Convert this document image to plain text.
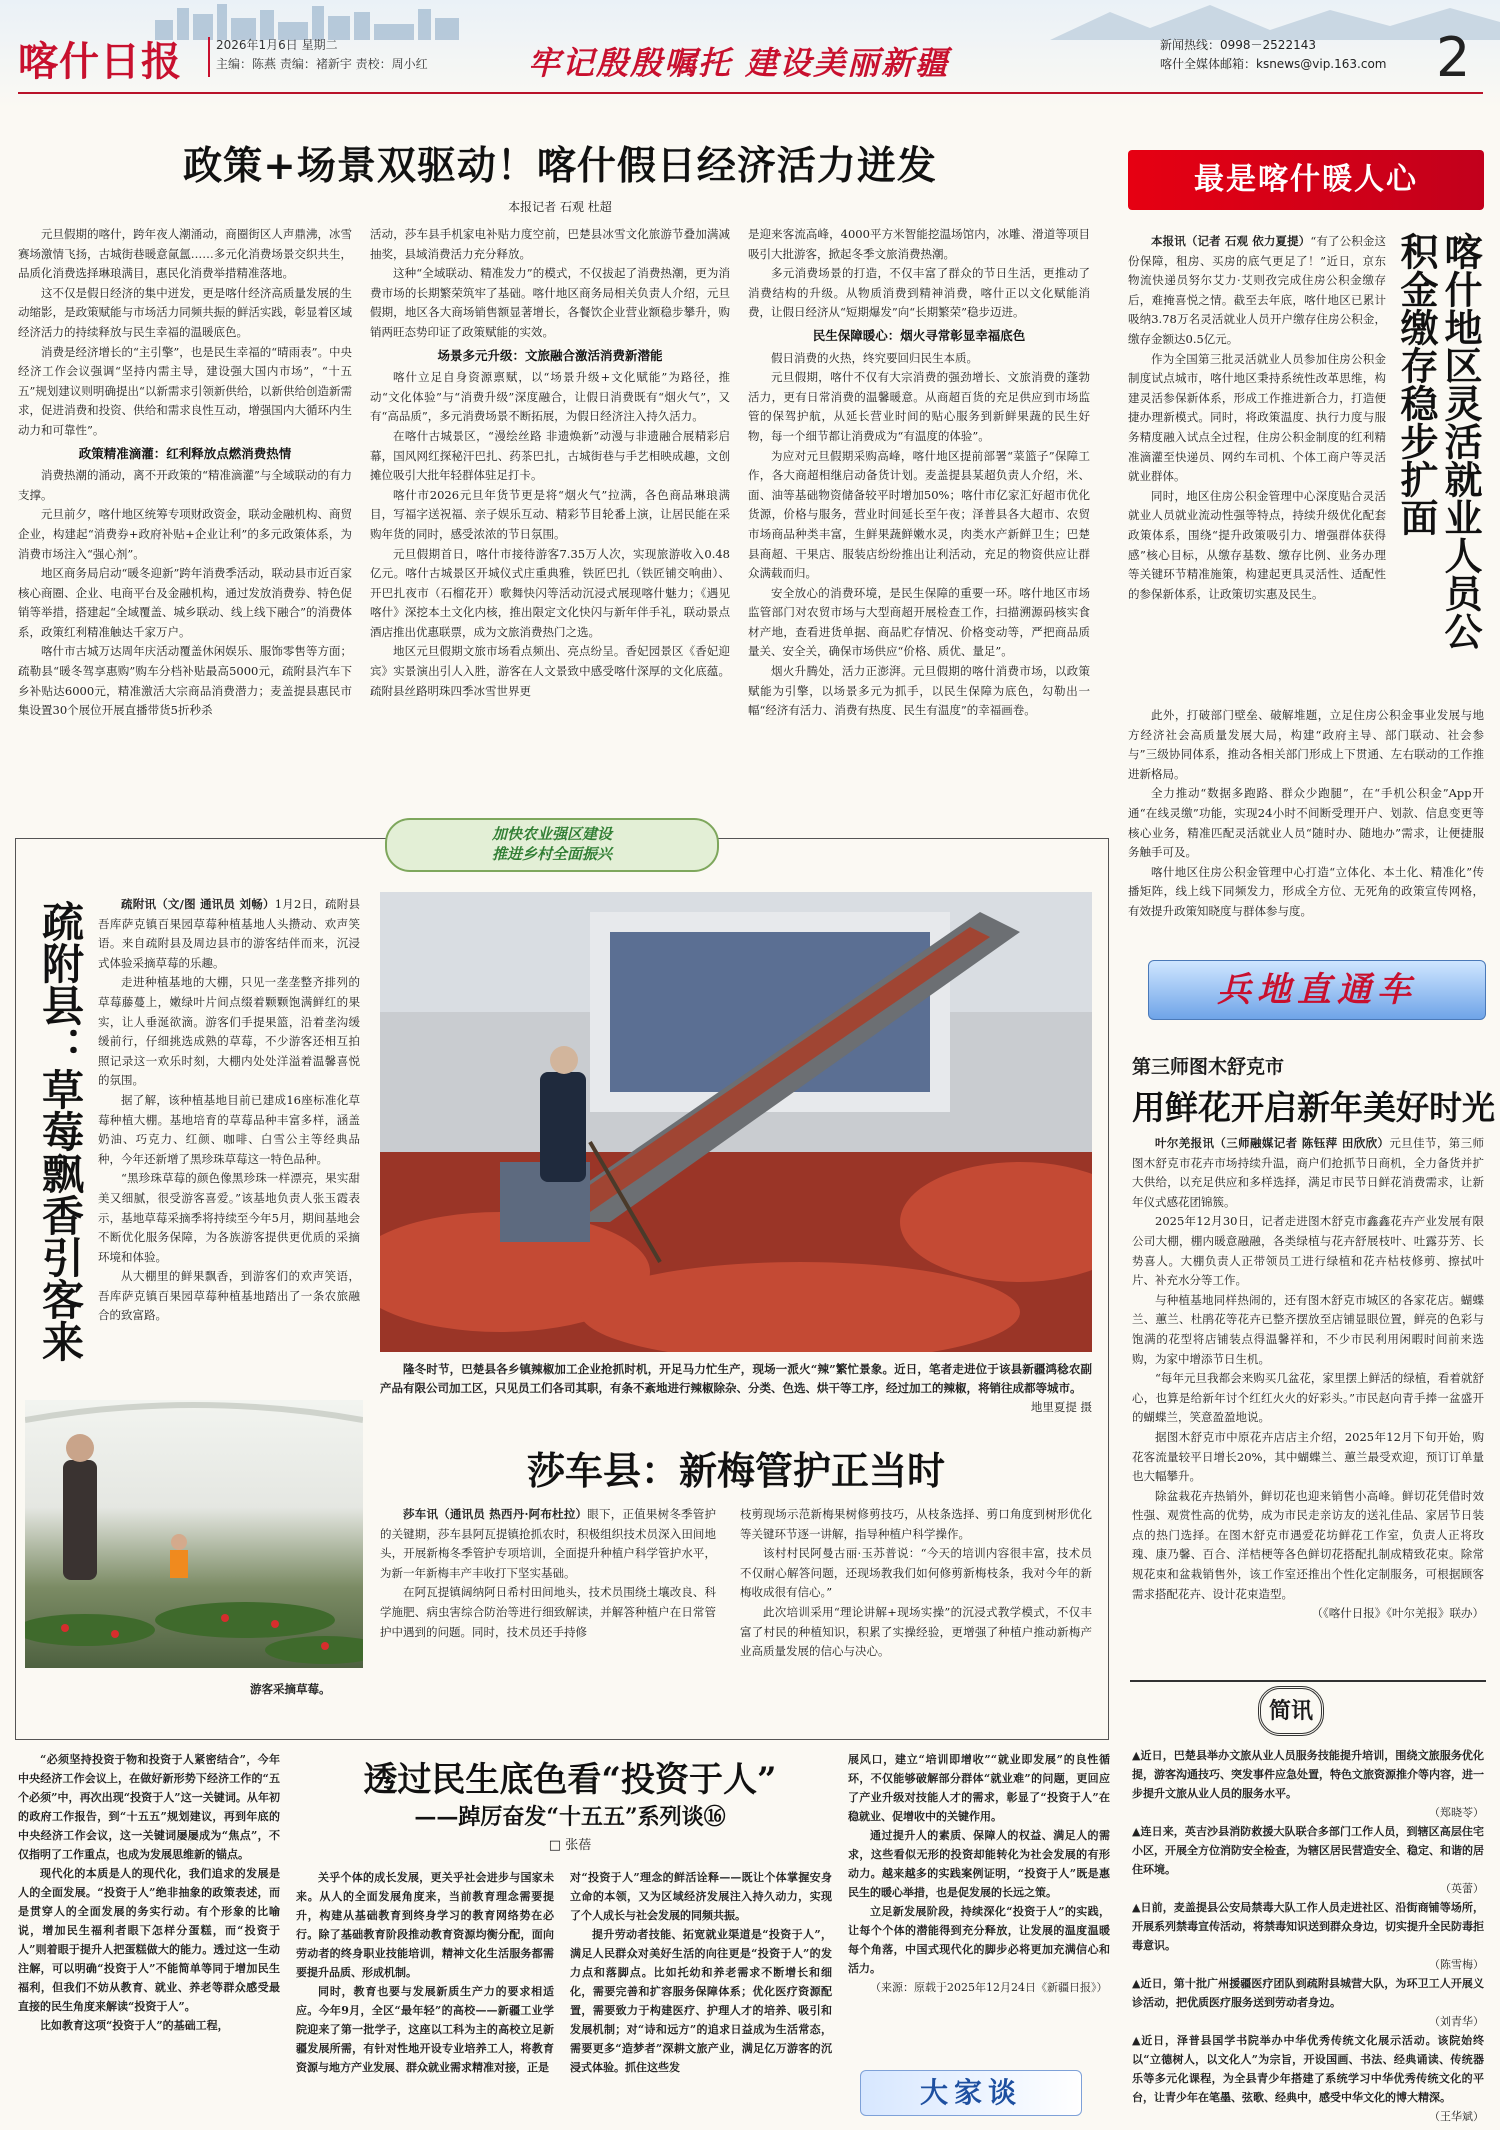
喀什日报	2026年1月6日 星期二
主编：陈燕 责编：褚新宇 责校：周小红	牢记殷殷嘱托 建设美丽新疆	新闻热线：0998－2522143
喀什全媒体邮箱：ksnews@vip.163.com 2
政策+场景双驱动！喀什假日经济活力迸发
本报记者 石观 杜超

元旦假期的喀什，跨年夜人潮涌动，商圈街区人声鼎沸，冰雪赛场激情飞扬，古城街巷暖意氤氲……多元化消费场景交织共生，品质化消费选择琳琅满目，惠民化消费举措精准落地。

这不仅是假日经济的集中迸发，更是喀什经济高质量发展的生动缩影，是政策赋能与市场活力同频共振的鲜活实践，彰显着区域经济活力的持续释放与民生幸福的温暖底色。

消费是经济增长的“主引擎”，也是民生幸福的“晴雨表”。中央经济工作会议强调“坚持内需主导，建设强大国内市场”，“十五五”规划建议则明确提出“以新需求引领新供给，以新供给创造新需求，促进消费和投资、供给和需求良性互动，增强国内大循环内生动力和可靠性”。

政策精准滴灌：红利释放点燃消费热情

消费热潮的涌动，离不开政策的“精准滴灌”与全域联动的有力支撑。

元旦前夕，喀什地区统筹专项财政资金，联动金融机构、商贸企业，构建起“消费券+政府补贴+企业让利”的多元政策体系，为消费市场注入“强心剂”。

地区商务局启动“暖冬迎新”跨年消费季活动，联动县市近百家核心商圈、企业、电商平台及金融机构，通过发放消费券、特色促销等举措，搭建起“全域覆盖、城乡联动、线上线下融合”的消费体系，政策红利精准触达千家万户。

喀什市古城万达周年庆活动覆盖休闲娱乐、服饰零售等方面；疏勒县“暖冬驾享惠购”购车分档补贴最高5000元，疏附县汽车下乡补贴达6000元，精准激活大宗商品消费潜力；麦盖提县惠民市集设置30个展位开展直播带货5折秒杀

活动，莎车县手机家电补贴力度空前，巴楚县冰雪文化旅游节叠加满减抽奖，县域消费活力充分释放。

这种“全域联动、精准发力”的模式，不仅拔起了消费热潮，更为消费市场的长期繁荣筑牢了基础。喀什地区商务局相关负责人介绍，元旦假期，地区各大商场销售额显著增长，各餐饮企业营业额稳步攀升，购销两旺态势印证了政策赋能的实效。

场景多元升级：文旅融合激活消费新潜能

喀什立足自身资源禀赋，以“场景升级+文化赋能”为路径，推动“文化体验”与“消费升级”深度融合，让假日消费既有“烟火气”，又有“高品质”，多元消费场景不断拓展，为假日经济注入持久活力。

在喀什古城景区，“漫绘丝路 非遗焕新”动漫与非遗融合展精彩启幕，国风网红探秘汗巴扎、药茶巴扎，古城街巷与手艺相映成趣，文创摊位吸引大批年轻群体驻足打卡。

喀什市2026元旦年货节更是将“烟火气”拉满，各色商品琳琅满目，写福字送祝福、亲子娱乐互动、精彩节目轮番上演，让居民能在采购年货的同时，感受浓浓的节日氛围。

元旦假期首日，喀什市接待游客7.35万人次，实现旅游收入0.48亿元。喀什古城景区开城仪式庄重典雅，铁匠巴扎（铁匠铺交响曲）、开巴扎夜市（石榴花开）歌舞快闪等活动沉浸式展现喀什魅力；《遇见喀什》深挖本土文化内核，推出限定文化快闪与新年伴手礼，联动景点酒店推出优惠联票，成为文旅消费热门之选。

地区元旦假期文旅市场看点频出、亮点纷呈。香妃园景区《香妃迎宾》实景演出引人入胜，游客在人文景致中感受喀什深厚的文化底蕴。疏附县丝路明珠四季冰雪世界更

是迎来客流高峰，4000平方米智能挖温场馆内，冰雕、滑道等项目吸引大批游客，掀起冬季文旅消费热潮。

多元消费场景的打造，不仅丰富了群众的节日生活，更推动了消费结构的升级。从物质消费到精神消费，喀什正以文化赋能消费，让假日经济从“短期爆发”向“长期繁荣”稳步迈进。

民生保障暖心：烟火寻常彰显幸福底色

假日消费的火热，终究要回归民生本质。

元旦假期，喀什不仅有大宗消费的强劲增长、文旅消费的蓬勃活力，更有日常消费的温馨暖意。从商超百货的充足供应到市场监管的保驾护航，从延长营业时间的贴心服务到新鲜果蔬的民生好物，每一个细节都让消费成为“有温度的体验”。

为应对元旦假期采购高峰，喀什地区提前部署“菜篮子”保障工作，各大商超相继启动备货计划。麦盖提县某超负责人介绍，米、面、油等基础物资储备较平时增加50%；喀什市亿家汇好超市优化货源，价格与服务，营业时间延长至午夜；泽普县各大超市、农贸市场商品种类丰富，生鲜果蔬鲜嫩水灵，肉类水产新鲜卫生；巴楚县商超、干果店、服装店纷纷推出让利活动，充足的物资供应让群众满载而归。

安全放心的消费环境，是民生保障的重要一环。喀什地区市场监管部门对农贸市场与大型商超开展检查工作，扫描溯源码核实食材产地，查看进货单据、商品贮存情况、价格变动等，严把商品质量关、安全关，确保市场供应“价格、质优、量足”。

烟火升腾处，活力正澎湃。元旦假期的喀什消费市场，以政策赋能为引擎，以场景多元为抓手，以民生保障为底色，勾勒出一幅“经济有活力、消费有热度、民生有温度”的幸福画卷。

最是喀什暖人心
喀什地区灵活就业人员公积金缴存稳步扩面

本报讯（记者 石观 依力夏提）“有了公积金这份保障，租房、买房的底气更足了！”近日，京东物流快递员努尔艾力·艾则孜完成住房公积金缴存后，难掩喜悦之情。截至去年底，喀什地区已累计吸纳3.78万名灵活就业人员开户缴存住房公积金，缴存金额达0.5亿元。

作为全国第三批灵活就业人员参加住房公积金制度试点城市，喀什地区秉持系统性改革思维，构建灵活参保新体系，形成工作推进新合力，打造便捷办理新模式。同时，将政策温度、执行力度与服务精度融入试点全过程，住房公积金制度的红利精准滴灌至快递员、网约车司机、个体工商户等灵活就业群体。

同时，地区住房公积金管理中心深度贴合灵活就业人员就业流动性强等特点，持续升级优化配套政策体系，围绕“提升政策吸引力、增强群体获得感”核心目标，从缴存基数、缴存比例、业务办理等关键环节精准施策，构建起更具灵活性、适配性的参保新体系，让政策切实惠及民生。

此外，打破部门壁垒、破解堆题，立足住房公积金事业发展与地方经济社会高质量发展大局，构建“政府主导、部门联动、社会参与”三级协同体系，推动各相关部门形成上下贯通、左右联动的工作推进新格局。

全力推动“数据多跑路、群众少跑腿”，在“手机公积金”App开通“在线灵缴”功能，实现24小时不间断受理开户、划款、信息变更等核心业务，精准匹配灵活就业人员“随时办、随地办”需求，让便捷服务触手可及。

喀什地区住房公积金管理中心打造“立体化、本土化、精准化”传播矩阵，线上线下同频发力，形成全方位、无死角的政策宣传网格，有效提升政策知晓度与群体参与度。

加快农业强区建设
推进乡村全面振兴
疏附县：草莓飘香引客来	疏附讯（文/图 通讯员 刘畅）1月2日，疏附县吾库萨克镇百果园草莓种植基地人头攒动、欢声笑语。来自疏附县及周边县市的游客结伴而来，沉浸式体验采摘草莓的乐趣。

走进种植基地的大棚，只见一垄垄整齐排列的草莓藤蔓上，嫩绿叶片间点缀着颗颗饱满鲜红的果实，让人垂涎欲滴。游客们手提果篮，沿着垄沟缓缓前行，仔细挑选成熟的草莓，不少游客还相互拍照记录这一欢乐时刻，大棚内处处洋溢着温馨喜悦的氛围。

据了解，该种植基地目前已建成16座标准化草莓种植大棚。基地培育的草莓品种丰富多样，涵盖奶油、巧克力、红颜、咖啡、白雪公主等经典品种，今年还新增了黑珍珠草莓这一特色品种。

“黑珍珠草莓的颜色像黑珍珠一样漂亮，果实甜美又细腻，很受游客喜爱。”该基地负责人张玉霞表示，基地草莓采摘季将持续至今年5月，期间基地会不断优化服务保障，为各族游客提供更优质的采摘环境和体验。

从大棚里的鲜果飘香，到游客们的欢声笑语，吾库萨克镇百果园草莓种植基地踏出了一条农旅融合的致富路。

游客采摘草莓。
隆冬时节，巴楚县各乡镇辣椒加工企业抢抓时机，开足马力忙生产，现场一派火“辣”繁忙景象。近日，笔者走进位于该县新疆鸿稔农副产品有限公司加工区，只见员工们各司其职，有条不紊地进行辣椒除杂、分类、色选、烘干等工序，经过加工的辣椒，将销往成都等城市。
地里夏提 摄
莎车县：新梅管护正当时

莎车讯（通讯员 热西丹·阿布杜拉）眼下，正值果树冬季管护的关键期，莎车县阿瓦提镇抢抓农时，积极组织技术员深入田间地头，开展新梅冬季管护专项培训，全面提升种植户科学管护水平，为新一年新梅丰产丰收打下坚实基础。

在阿瓦提镇阔纳阿日希村田间地头，技术员围绕土壤改良、科学施肥、病虫害综合防治等进行细致解读，并解答种植户在日常管护中遇到的问题。同时，技术员还手持修

枝剪现场示范新梅果树修剪技巧，从枝条选择、剪口角度到树形优化等关键环节逐一讲解，指导种植户科学操作。

该村村民阿曼古丽·玉苏普说：“今天的培训内容很丰富，技术员不仅耐心解答问题，还现场教我们如何修剪新梅枝条，我对今年的新梅收成很有信心。”

此次培训采用“理论讲解+现场实操”的沉浸式教学模式，不仅丰富了村民的种植知识，积累了实操经验，更增强了种植户推动新梅产业高质量发展的信心与决心。

兵地直通车
第三师图木舒克市
用鲜花开启新年美好时光

叶尔羌报讯（三师融媒记者 陈钰萍 田欣欣）元旦佳节，第三师图木舒克市花卉市场持续升温，商户们抢抓节日商机，全力备货并扩大供给，以充足供应和多样选择，满足市民节日鲜花消费需求，让新年仪式感花团锦簇。

2025年12月30日，记者走进图木舒克市鑫鑫花卉产业发展有限公司大棚，棚内暖意融融，各类绿植与花卉舒展枝叶、吐露芬芳、长势喜人。大棚负责人正带领员工进行绿植和花卉枯枝修剪、擦拭叶片、补充水分等工作。

与种植基地同样热闹的，还有图木舒克市城区的各家花店。蝴蝶兰、蕙兰、杜鹃花等花卉已整齐摆放至店铺显眼位置，鲜亮的色彩与饱满的花型将店铺装点得温馨祥和，不少市民利用闲暇时间前来选购，为家中增添节日生机。

“每年元旦我都会来购买几盆花，家里摆上鲜活的绿植，看着就舒心，也算是给新年讨个红红火火的好彩头。”市民赵向青手捧一盆盛开的蝴蝶兰，笑意盈盈地说。

据图木舒克市中原花卉店店主介绍，2025年12月下旬开始，购花客流量较平日增长20%，其中蝴蝶兰、蕙兰最受欢迎，预订订单量也大幅攀升。

除盆栽花卉热销外，鲜切花也迎来销售小高峰。鲜切花凭借时效性强、观赏性高的优势，成为市民走亲访友的送礼佳品、家居节日装点的热门选择。在图木舒克市遇爱花坊鲜花工作室，负责人正将玫瑰、康乃馨、百合、洋桔梗等各色鲜切花搭配扎制成精致花束。除常规花束和盆栽销售外，该工作室还推出个性化定制服务，可根据顾客需求搭配花卉、设计花束造型。

（《喀什日报》《叶尔羌报》联办）
简讯
▲近日，巴楚县举办文旅从业人员服务技能提升培训，围绕文旅服务优化提，游客沟通技巧、突发事件应急处置，特色文旅资源推介等内容，进一步提升文旅从业人员的服务水平。
（郑晓苓）
▲连日来，英吉沙县消防救援大队联合多部门工作人员，到辖区高层住宅小区，开展全方位消防安全检查，为辖区居民营造安全、稳定、和谐的居住环境。
（英蕾）
▲日前，麦盖提县公安局禁毒大队工作人员走进社区、沿街商铺等场所，开展系列禁毒宣传活动，将禁毒知识送到群众身边，切实提升全民防毒拒毒意识。
（陈雪梅）
▲近日，第十批广州援疆医疗团队到疏附县城营大队，为环卫工人开展义诊活动，把优质医疗服务送到劳动者身边。
（刘青华）
▲近日，泽普县国学书院举办中华优秀传统文化展示活动。该院始终以“立德树人，以文化人”为宗旨，开设国画、书法、经典诵读、传统器乐等多元化课程，为全县青少年搭建了系统学习中华优秀传统文化的平台，让青少年在笔墨、弦歌、经典中，感受中华文化的博大精深。
（王华斌）

“必须坚持投资于物和投资于人紧密结合”，今年中央经济工作会议上，在做好新形势下经济工作的“五个必须”中，再次出现“投资于人”这一关键词。从年初的政府工作报告，到“十五五”规划建议，再到年底的中央经济工作会议，这一关键词屡屡成为“焦点”，不仅指明了工作重点，也成为发展思维新的锚点。

现代化的本质是人的现代化，我们追求的发展是人的全面发展。“投资于人”绝非抽象的政策表述，而是贯穿人的全面发展的务实行动。有个形象的比喻说，增加民生福利者眼下怎样分蛋糕，而“投资于人”则着眼于提升人把蛋糕做大的能力。透过这一生动注解，可以明确“投资于人”不能简单等同于增加民生福利，但我们不妨从教育、就业、养老等群众感受最直接的民生角度来解读“投资于人”。

比如教育这项“投资于人”的基础工程，

透过民生底色看“投资于人”
——踔厉奋发“十五五”系列谈⑯
□ 张蓓

关乎个体的成长发展，更关乎社会进步与国家未来。从人的全面发展角度来，当前教育理念需要提升，构建从基础教育到终身学习的教育网络势在必行。除了基础教育阶段推动教育资源均衡分配，面向劳动者的终身职业技能培训，精神文化生活服务都需要提升品质、形成机制。

同时，教育也要与发展新质生产力的要求相适应。今年9月，全区“最年轻”的高校——新疆工业学院迎来了第一批学子，这座以工科为主的高校立足新疆发展所需，有针对性地开设专业培养工人，将教育资源与地方产业发展、群众就业需求精准对接，正是

对“投资于人”理念的鲜活诠释——既让个体掌握安身立命的本领，又为区域经济发展注入持久动力，实现了个人成长与社会发展的同频共振。

提升劳动者技能、拓宽就业渠道是“投资于人”，满足人民群众对美好生活的向往更是“投资于人”的发力点和落脚点。比如托幼和养老需求不断增长和细化，需要完善和扩容服务保障体系；优化医疗资源配置，需要致力于构建医疗、护理人才的培养、吸引和发展机制；对“诗和远方”的追求日益成为生活常态，需要更多“造梦者”深耕文旅产业，满足亿万游客的沉浸式体验。抓住这些发

展风口，建立“培训即增收”“就业即发展”的良性循环，不仅能够破解部分群体“就业难”的问题，更回应了产业升级对技能人才的需求，彰显了“投资于人”在稳就业、促增收中的关键作用。

通过提升人的素质、保障人的权益、满足人的需求，这些看似无形的投资却能转化为社会发展的有形动力。越来越多的实践案例证明，“投资于人”既是惠民生的暖心举措，也是促发展的长远之策。

立足新发展阶段，持续深化“投资于人”的实践，让每个个体的潜能得到充分释放，让发展的温度温暖每个角落，中国式现代化的脚步必将更加充满信心和活力。

（来源：原载于2025年12月24日《新疆日报》）

大家谈
